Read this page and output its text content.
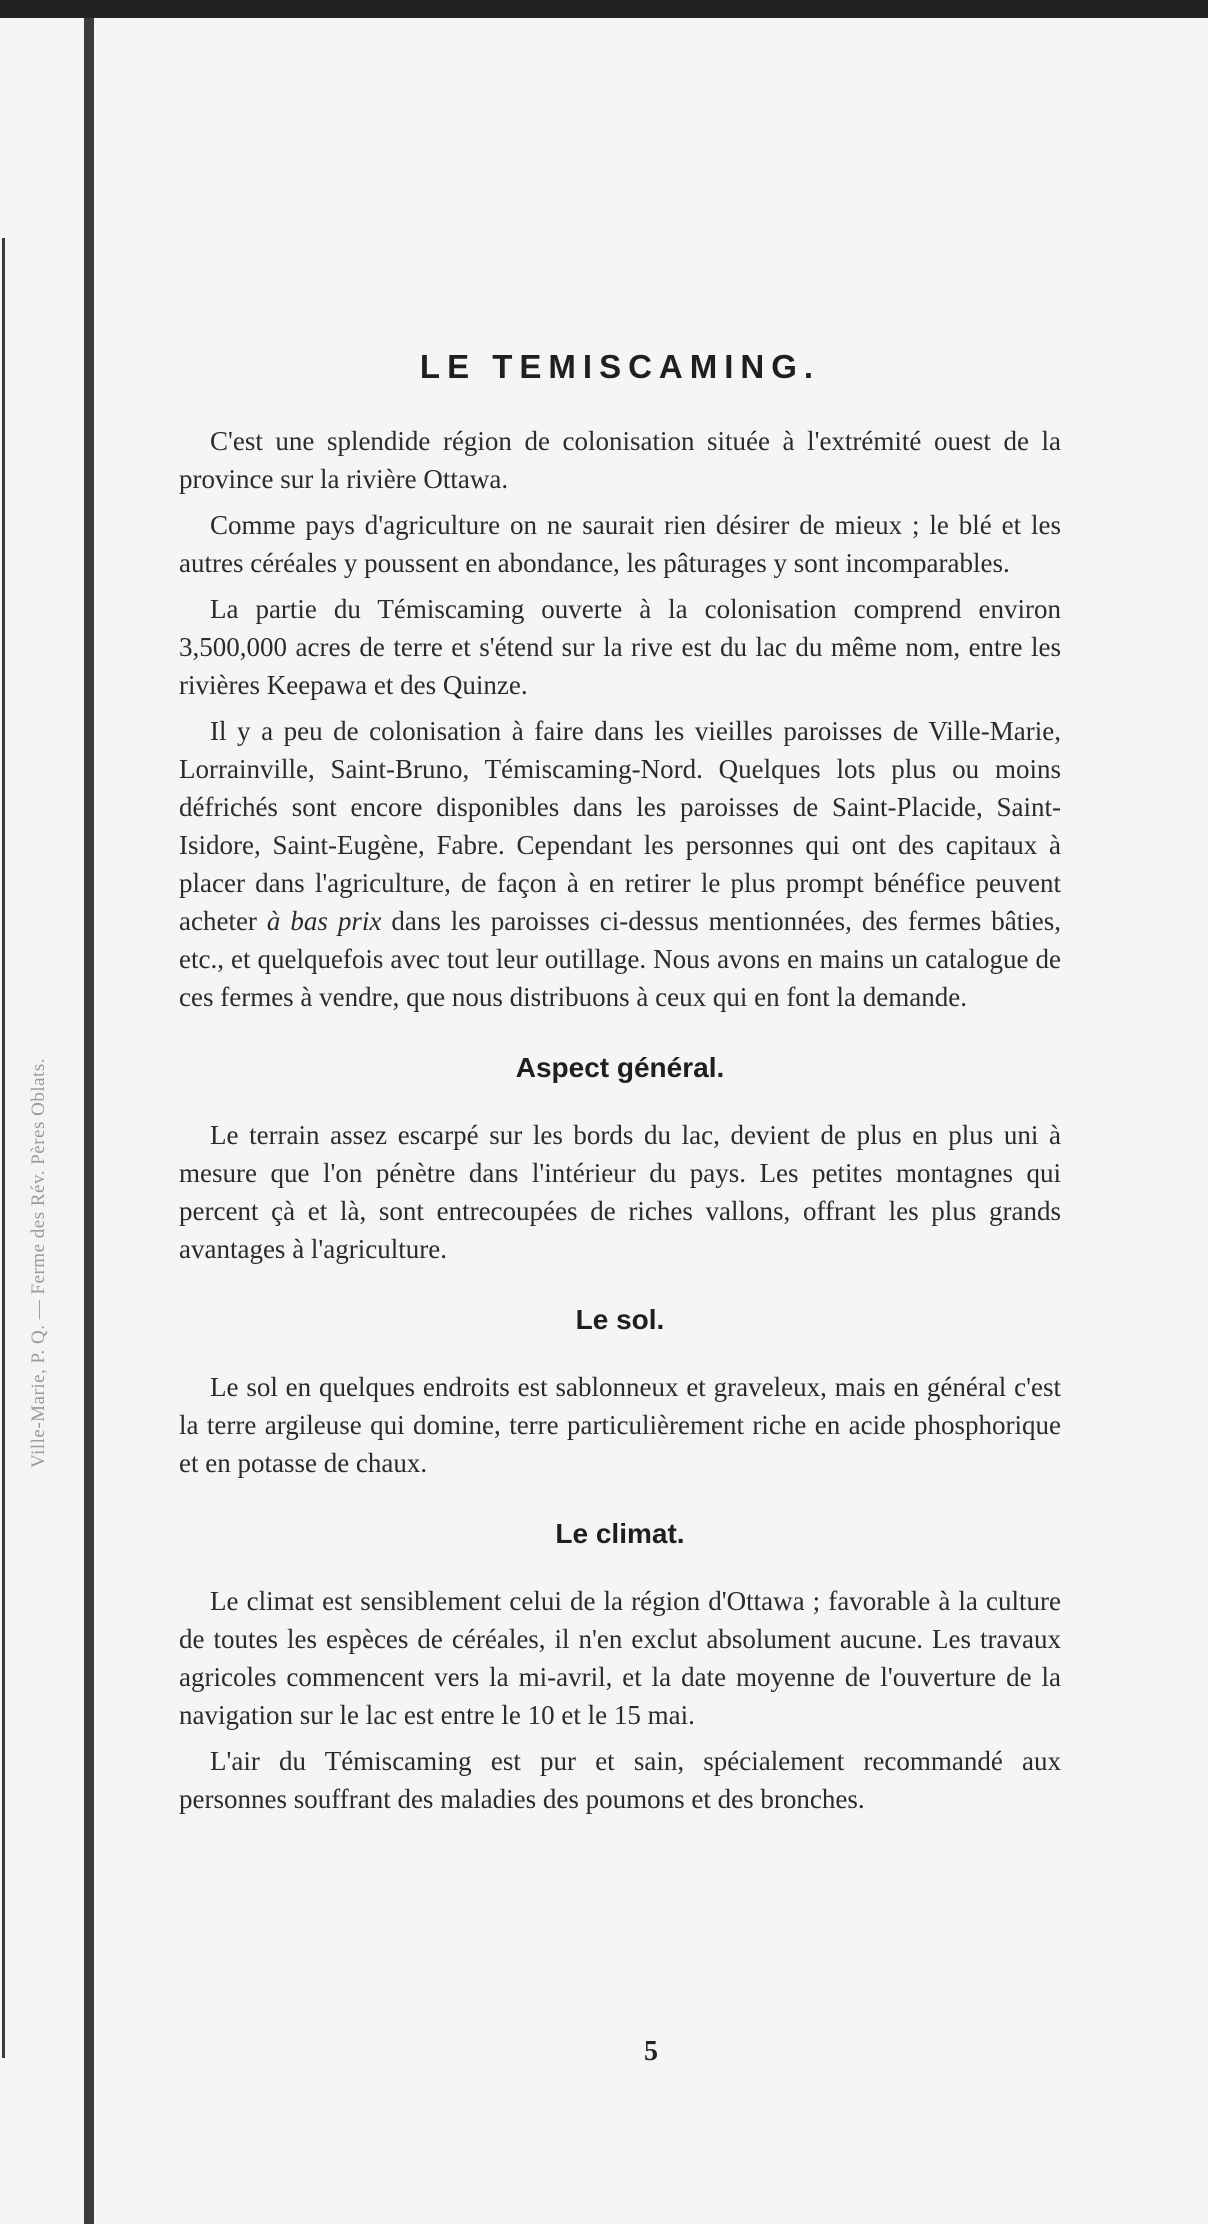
Ville-Marie, P. Q. — Ferme des Rév. Pères Oblats.
LE TEMISCAMING.

C'est une splendide région de colonisation située à l'extrémité ouest de la province sur la rivière Ottawa.

Comme pays d'agriculture on ne saurait rien désirer de mieux ; le blé et les autres céréales y poussent en abondance, les pâturages y sont incomparables.

La partie du Témiscaming ouverte à la colonisation comprend environ 3,500,000 acres de terre et s'étend sur la rive est du lac du même nom, entre les rivières Keepawa et des Quinze.

Il y a peu de colonisation à faire dans les vieilles paroisses de Ville-Marie, Lorrainville, Saint-Bruno, Témiscaming-Nord. Quelques lots plus ou moins défrichés sont encore disponibles dans les paroisses de Saint-Placide, Saint-Isidore, Saint-Eugène, Fabre. Cependant les personnes qui ont des capitaux à placer dans l'agriculture, de façon à en retirer le plus prompt bénéfice peuvent acheter à bas prix dans les paroisses ci-dessus mentionnées, des fermes bâties, etc., et quelquefois avec tout leur outillage. Nous avons en mains un catalogue de ces fermes à vendre, que nous distribuons à ceux qui en font la demande.

Aspect général.

Le terrain assez escarpé sur les bords du lac, devient de plus en plus uni à mesure que l'on pénètre dans l'intérieur du pays. Les petites montagnes qui percent çà et là, sont entrecoupées de riches vallons, offrant les plus grands avantages à l'agriculture.

Le sol.

Le sol en quelques endroits est sablonneux et graveleux, mais en général c'est la terre argileuse qui domine, terre particulièrement riche en acide phosphorique et en potasse de chaux.

Le climat.

Le climat est sensiblement celui de la région d'Ottawa ; favorable à la culture de toutes les espèces de céréales, il n'en exclut absolument aucune. Les travaux agricoles commencent vers la mi-avril, et la date moyenne de l'ouverture de la navigation sur le lac est entre le 10 et le 15 mai.

L'air du Témiscaming est pur et sain, spécialement recommandé aux personnes souffrant des maladies des poumons et des bronches.

5
